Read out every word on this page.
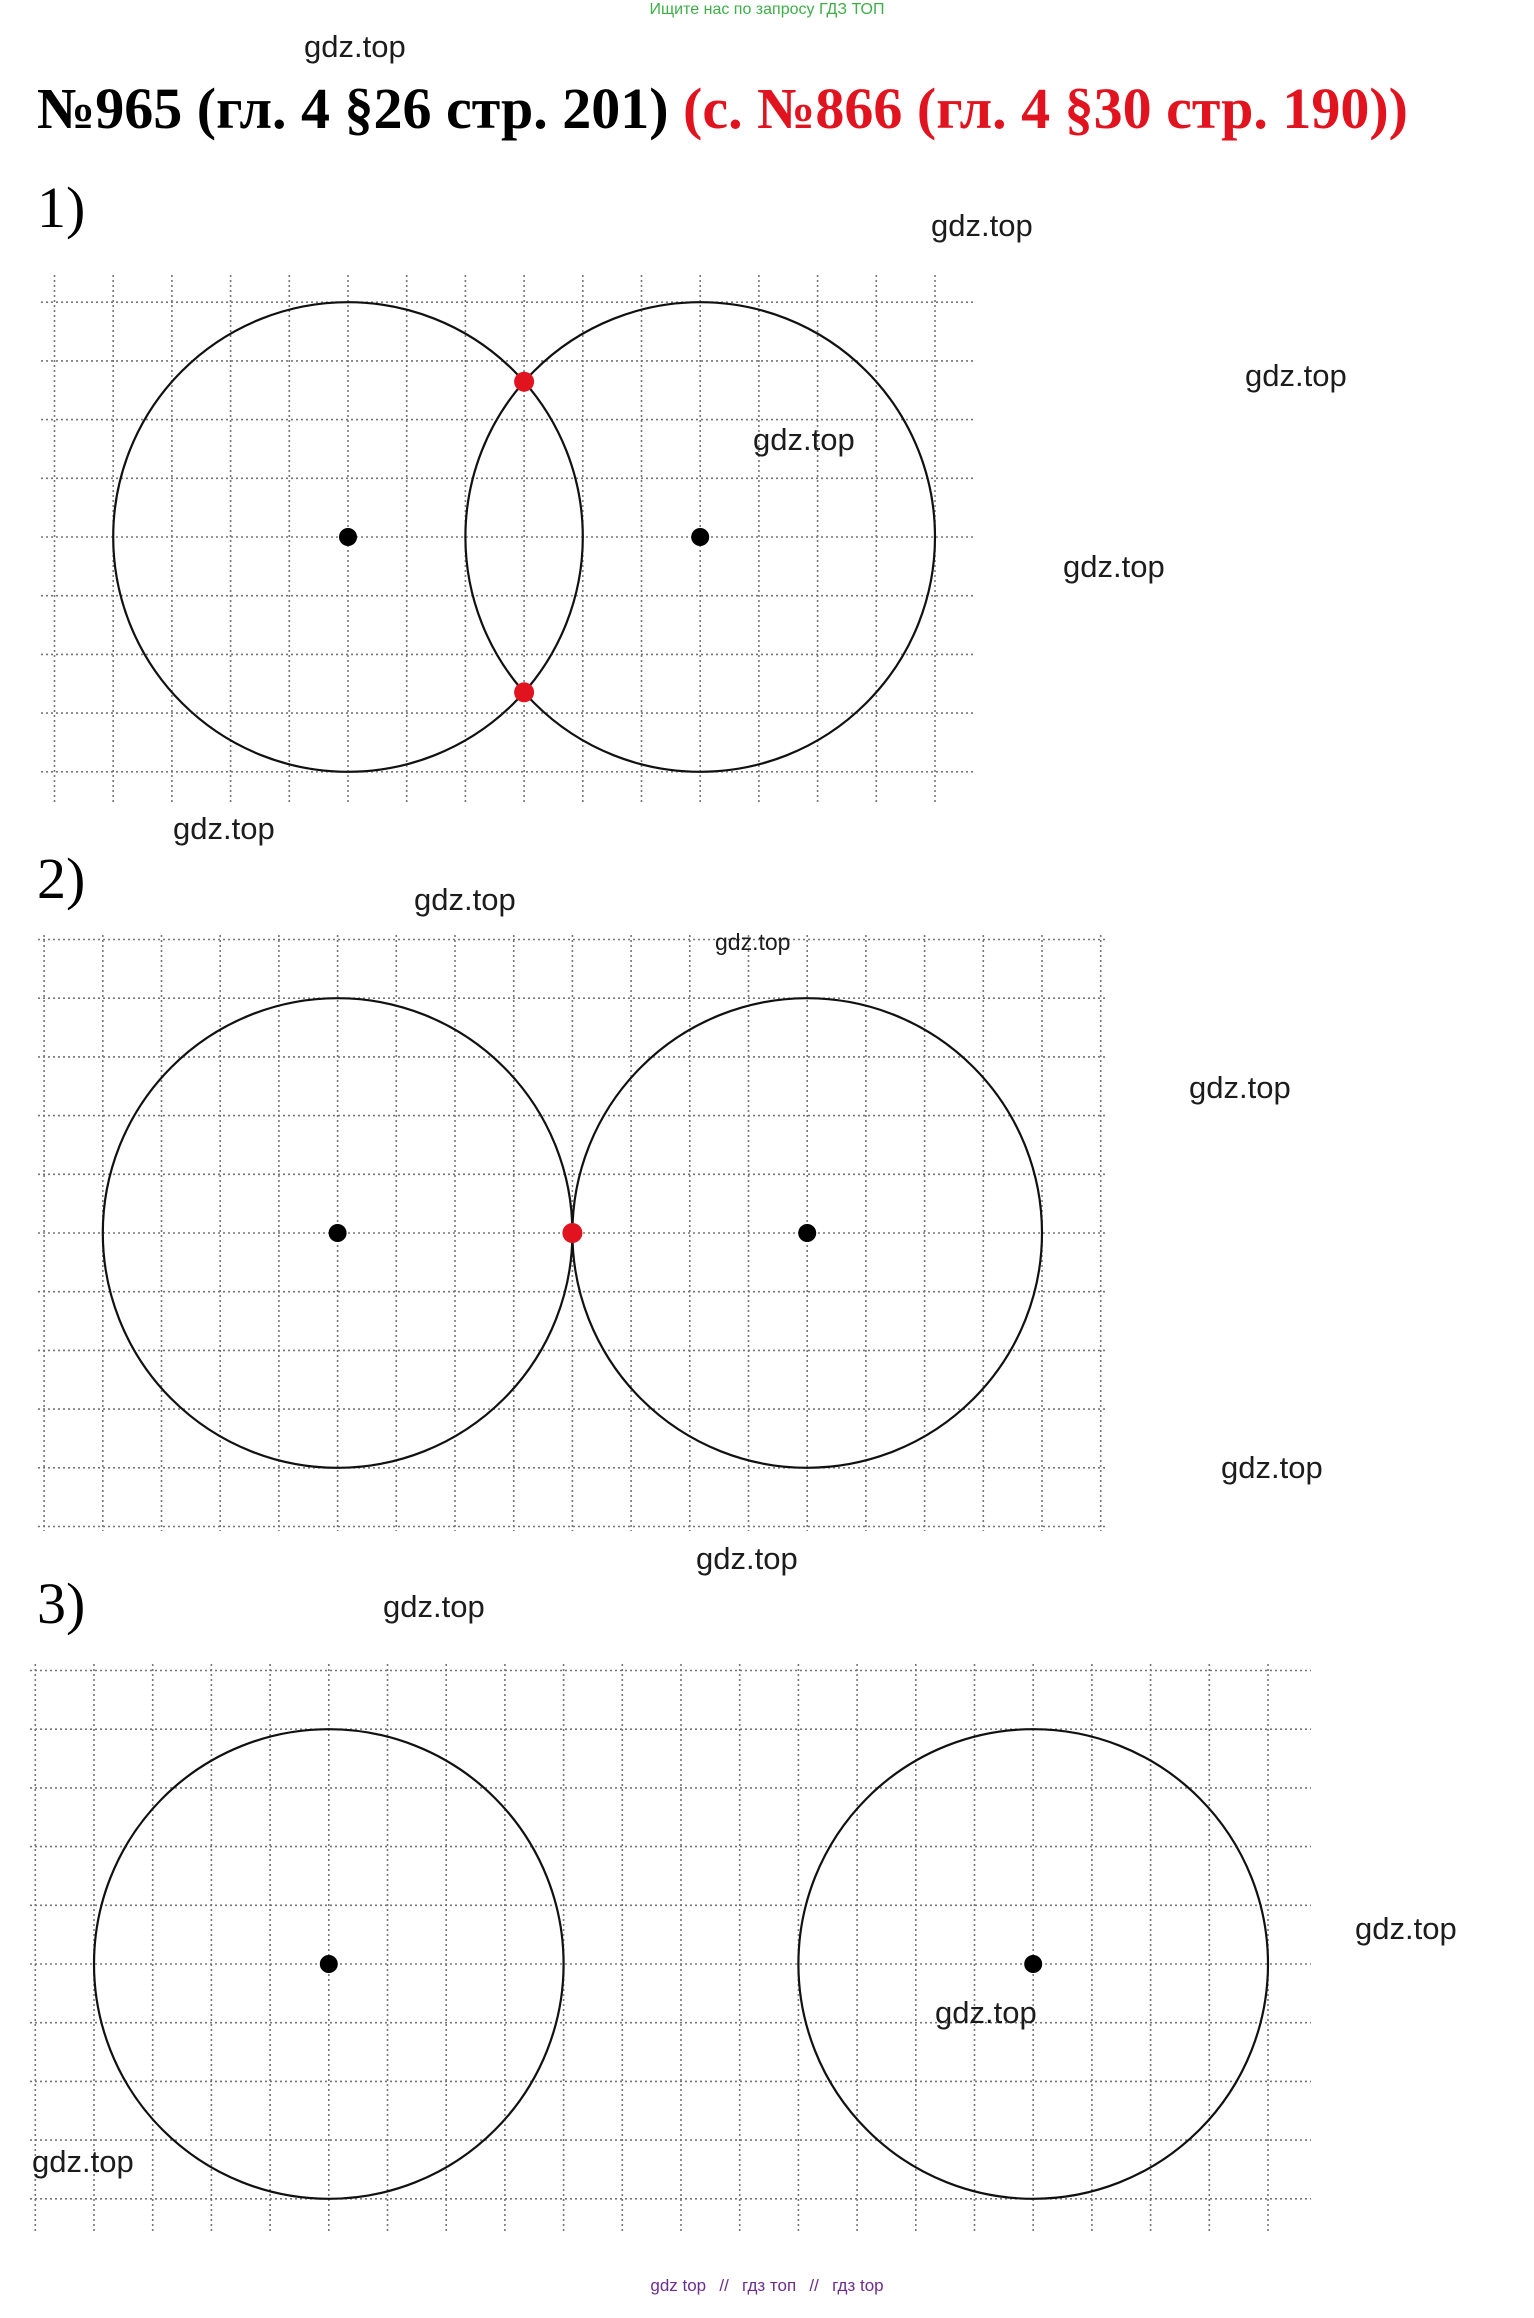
Ищите нас по запросу ГДЗ ТОП
№965 (гл. 4 §26 стр. 201) (с. №866 (гл. 4 §30 стр. 190))
1)
2)
3)
gdz.top
gdz.top
gdz.top
gdz.top
gdz.top
gdz.top
gdz.top
gdz.top
gdz.top
gdz.top
gdz.top
gdz.top
gdz.top
gdz.top
gdz.top
gdz top // гдз топ // гдз top
